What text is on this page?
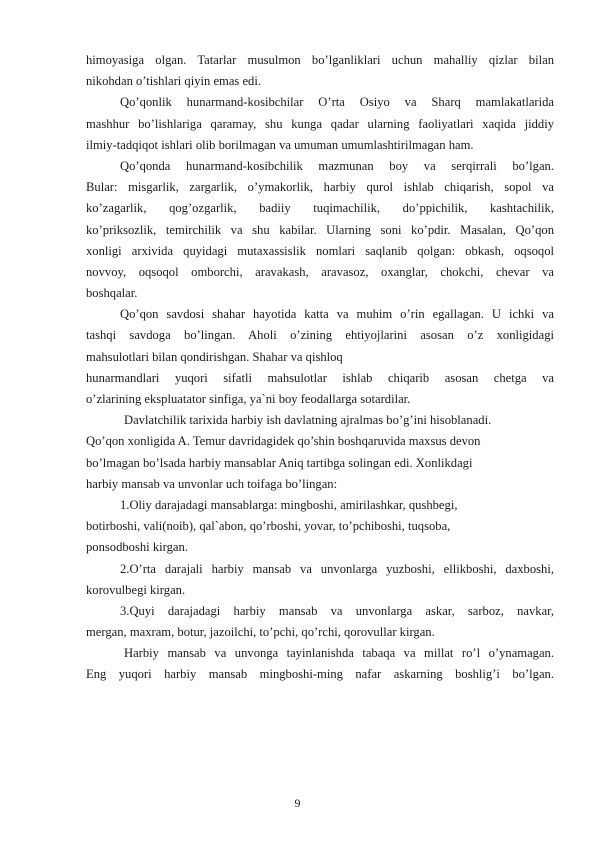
himoyasiga olgan. Tatarlar musulmon bo’lganliklari uchun mahalliy qizlar bilan
nikohdan o’tishlari qiyin emas edi.
Qo’qonlik hunarmand-kosibchilar O’rta Osiyo va Sharq mamlakatlarida
mashhur bo’lishlariga qaramay, shu kunga qadar ularning faoliyatlari xaqida jiddiy
ilmiy-tadqiqot ishlari olib borilmagan va umuman umumlashtirilmagan ham.
Qo’qonda hunarmand-kosibchilik mazmunan boy va serqirrali bo’lgan.
Bular: misgarlik, zargarlik, o’ymakorlik, harbiy qurol ishlab chiqarish, sopol va
ko’zagarlik, qog’ozgarlik, badiiy tuqimachilik, do’ppichilik, kashtachilik,
ko’priksozlik, temirchilik va shu kabilar. Ularning soni ko’pdir. Masalan, Qo’qon
xonligi arxivida quyidagi mutaxassislik nomlari saqlanib qolgan: obkash, oqsoqol
novvoy, oqsoqol omborchi, aravakash, aravasoz, oxanglar, chokchi, chevar va
boshqalar.
Qo’qon savdosi shahar hayotida katta va muhim o’rin egallagan. U ichki va
tashqi savdoga bo’lingan. Aholi o’zining ehtiyojlarini asosan o’z xonligidagi
mahsulotlari bilan qondirishgan. Shahar va qishloq
hunarmandlari yuqori sifatli mahsulotlar ishlab chiqarib asosan chetga va
o’zlarining ekspluatator sinfiga, ya`ni boy feodallarga sotardilar.
Davlatchilik tarixida harbiy ish davlatning ajralmas bo’g’ini hisoblanadi.
Qo’qon xonligida A. Temur davridagidek qo’shin boshqaruvida maxsus devon
bo’lmagan bo’lsada harbiy mansablar Aniq tartibga solingan edi. Xonlikdagi
harbiy mansab va unvonlar uch toifaga bo’lingan:
1.Oliy darajadagi mansablarga: mingboshi, amirilashkar, qushbegi,
botirboshi, vali(noib), qal`abon, qo’rboshi, yovar, to’pchiboshi, tuqsoba,
ponsodboshi kirgan.
2.O’rta darajali harbiy mansab va unvonlarga yuzboshi, ellikboshi, daxboshi,
korovulbegi kirgan.
3.Quyi darajadagi harbiy mansab va unvonlarga askar, sarboz, navkar,
mergan, maxram, botur, jazoilchi, to’pchi, qo’rchi, qorovullar kirgan.
Harbiy mansab va unvonga tayinlanishda tabaqa va millat ro’l o’ynamagan.
Eng yuqori harbiy mansab mingboshi-ming nafar askarning boshlig’i bo’lgan.
9
